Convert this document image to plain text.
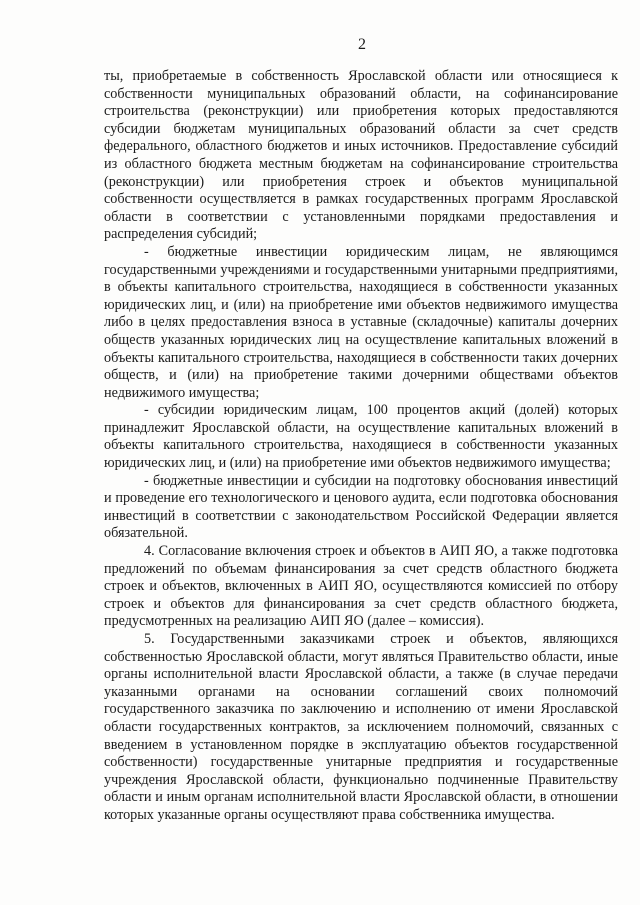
2

ты, приобретаемые в собственность Ярославской области или относящиеся к собственности муниципальных образований области, на софинансирование строительства (реконструкции) или приобретения которых предоставляются субсидии бюджетам муниципальных образований области за счет средств федерального, областного бюджетов и иных источников. Предоставление субсидий из областного бюджета местным бюджетам на софинансирование строительства (реконструкции) или приобретения строек и объектов муниципальной собственности осуществляется в рамках государственных программ Ярославской области в соответствии с установленными порядками предоставления и распределения субсидий;

- бюджетные инвестиции юридическим лицам, не являющимся государственными учреждениями и государственными унитарными предприятиями, в объекты капитального строительства, находящиеся в собственности указанных юридических лиц, и (или) на приобретение ими объектов недвижимого имущества либо в целях предоставления взноса в уставные (складочные) капиталы дочерних обществ указанных юридических лиц на осуществление капитальных вложений в объекты капитального строительства, находящиеся в собственности таких дочерних обществ, и (или) на приобретение такими дочерними обществами объектов недвижимого имущества;

- субсидии юридическим лицам, 100 процентов акций (долей) которых принадлежит Ярославской области, на осуществление капитальных вложений в объекты капитального строительства, находящиеся в собственности указанных юридических лиц, и (или) на приобретение ими объектов недвижимого имущества;

- бюджетные инвестиции и субсидии на подготовку обоснования инвестиций и проведение его технологического и ценового аудита, если подготовка обоснования инвестиций в соответствии с законодательством Российской Федерации является обязательной.

4. Согласование включения строек и объектов в АИП ЯО, а также подготовка предложений по объемам финансирования за счет средств областного бюджета строек и объектов, включенных в АИП ЯО, осуществляются комиссией по отбору строек и объектов для финансирования за счет средств областного бюджета, предусмотренных на реализацию АИП ЯО (далее – комиссия).

5. Государственными заказчиками строек и объектов, являющихся собственностью Ярославской области, могут являться Правительство области, иные органы исполнительной власти Ярославской области, а также (в случае передачи указанными органами на основании соглашений своих полномочий государственного заказчика по заключению и исполнению от имени Ярославской области государственных контрактов, за исключением полномочий, связанных с введением в установленном порядке в эксплуатацию объектов государственной собственности) государственные унитарные предприятия и государственные учреждения Ярославской области, функционально подчиненные Правительству области и иным органам исполнительной власти Ярославской области, в отношении которых указанные органы осуществляют права собственника имущества.
